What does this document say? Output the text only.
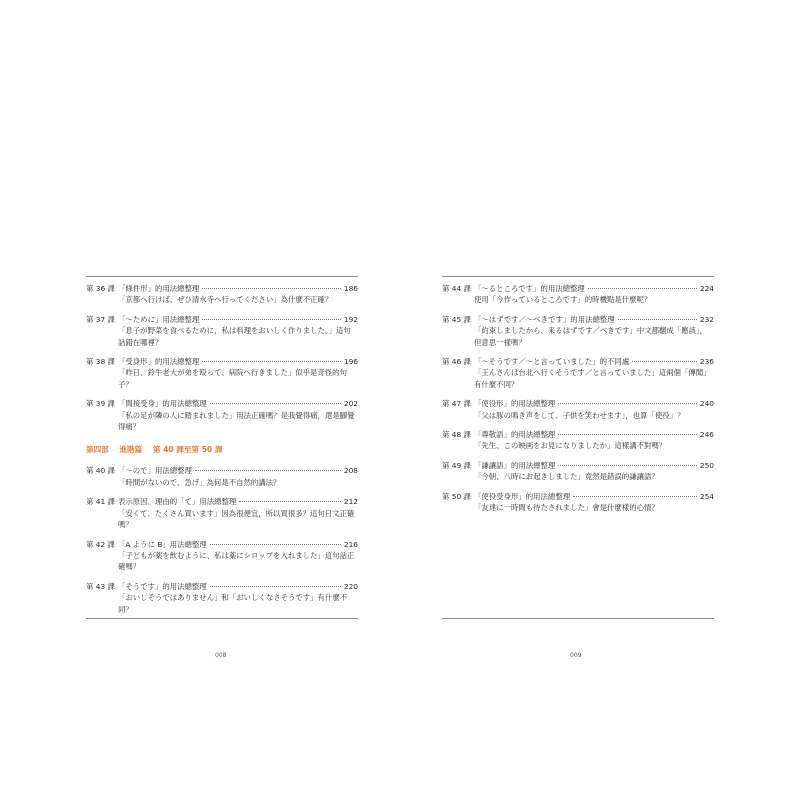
第 36 課 「條件形」的用法總整理	186
「京都へ行けば、ぜひ清水寺へ行ってください」為什麼不正確？
第 37 課 「〜ために」用法總整理	192
「息子が野菜を食べるために，私は料理をおいしく作りました。」這句話錯在哪裡？
第 38 課 「受身形」的用法總整理	196
「昨日、鈴牛老大が弟を殴って、病院へ行きました」似乎是奇怪的句子？
第 39 課 「間接受身」的用法總整理	202
「私の足が隣の人に踏まれました」用法正確嗎？是我覺得痛，還是腳覺得痛？
第四部 進階篇 第 40 課至第 50 課
第 40 課 「〜ので」用法總整理	208
「時間がないので、急げ」為何是不自然的講法？
第 41 課 表示原因．理由的「て」用法總整理	212
「安くて、たくさん買います」因為很便宜，所以買很多？這句日文正確嗎？
第 42 課 「A ように B」用法總整理	216
「子どもが薬を飲むように、私は薬にシロップを入れました」這句話正確嗎？
第 43 課 「そうです」的用法總整理	220
「おいしそうではありません」和「おいしくなさそうです」有什麼不同？
008
第 44 課 「〜るところです」的用法總整理	224
使用「今作っているところです」的時機點是什麼呢？
第 45 課 「〜はずです／〜べきです」的用法總整理	232
「約束しましたから、来るはずです／べきです」中文都翻成「應該」，但意思一樣嗎？
第 46 課 「〜そうです／〜と言っていました」的不同處	236
「王んさんは台北へ行くそうです／と言っていました」這兩個「傳聞」有什麼不同？
第 47 課 「使役形」的用法總整理	240
「父は豚の鳴き声をして、子供を笑わせます」，也算「使役」？
第 48 課 「尊敬語」的用法總整理	246
「先生、この映画をお見になりましたか」這樣講不對嗎？
第 49 課 「謙讓語」的用法總整理	250
「今朝、八時にお起きしました」竟然是錯誤的謙讓語？
第 50 課 「使役受身形」的用法總整理	254
「友達に一時間も待たされました」會是什麼樣的心情？
009
